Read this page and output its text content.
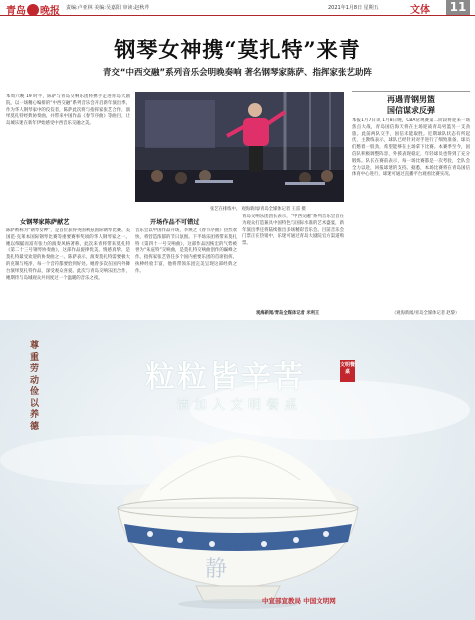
青岛 晚报 责编:卢亚林 美编:吴嘉阳 审读:赵秋芹	2021年1月8日 星期五	文体	11
钢琴女神携“莫扎特”来青
青交“中西交融”系列音乐会明晚奏响 著名钢琴家陈萨、指挥家张艺助阵
本周六晚 19 时半，陈萨与青岛交响乐团将携手走进青岛大剧院，以一场精心编排的“中西交融”系列音乐会开启新年演出季。作为华人钢琴家中的佼佼者，陈萨此次将与指挥家张艺合作，演绎莫扎特经典协奏曲，并带来中国作品《春节序曲》等曲目，让岛城乐迷在新年伊始感受中西音乐交融之美。
张艺在排练中。 观海新闻/青岛全媒体记者 王雷 摄
女钢琴家陈萨献艺
陈萨被称为“钢琴女神”，是首位获得英国利兹国际钢琴比赛、美国范·克莱本国际钢琴比赛等重要赛事奖项的华人钢琴家之一。她以细腻而富有张力的演奏风格著称，此次来青将带来莫扎特《第二十三号钢琴协奏曲》，这部作品旋律优美、情感真挚，是莫扎特最受欢迎的协奏曲之一。陈萨表示，演奏莫扎特需要极大的克制与纯净，每一个音符都要恰到好处。她曾多次在国内外舞台演绎莫扎特作品，深受观众喜爱。此次与青岛交响乐团合作，她期待与岛城观众共同度过一个温暖的音乐之夜。
开场作品不可错过
音乐会以中国作品开场，李焕之《春节序曲》热烈欢快，将营造浓郁的节日氛围。下半场乐团将带来莫扎特《第四十一号交响曲》，这部作品因恢宏的气势被誉为“朱庇特”交响曲，是莫扎特交响曲创作的巅峰之作。指挥家张艺曾任多个国内重要乐团的首席指挥，执棒经验丰富，他将带领乐团完美呈现这部经典之作。
青岛交响乐团团长表示，“中西交融”系列音乐会旨在为观众打造兼具中国特色与国际水准的艺术盛宴，新年演出季还将陆续推出多场精彩音乐会。目前音乐会门票正在热销中，乐迷可通过青岛大剧院官方渠道购票。
观海新闻/青岛全媒体记者 米利王
再遇青钢男篮
国信谋求反弹
本报1月7日讯 1月8日晚，CBA常规赛第二阶段将迎来一场焦点大战，青岛国信海天将在主场迎战青岛男篮另一支劲旅。此前两队交手，国信未能取胜。近期球队状态有所起伏，主教练表示，球队已经针对对手进行了细致准备，球员们憋着一股劲，希望能够在主场拿下比赛。本赛季至今，国信队积极调整阵容，外援表现稳定，年轻球员也得到了充分锻炼。队长在赛前表示，每一场比赛都是一次考验，全队会全力以赴，回报球迷的支持。据悉，本场比赛将在青岛国信体育中心进行，球迷可通过直播平台观看比赛实况。
（观海新闻/青岛全媒体记者 赵黎）
静
尊重劳动 俭以养德
粒粒皆辛苦
请加入文明餐桌
文明餐桌
中宣部宣教局 中国文明网
